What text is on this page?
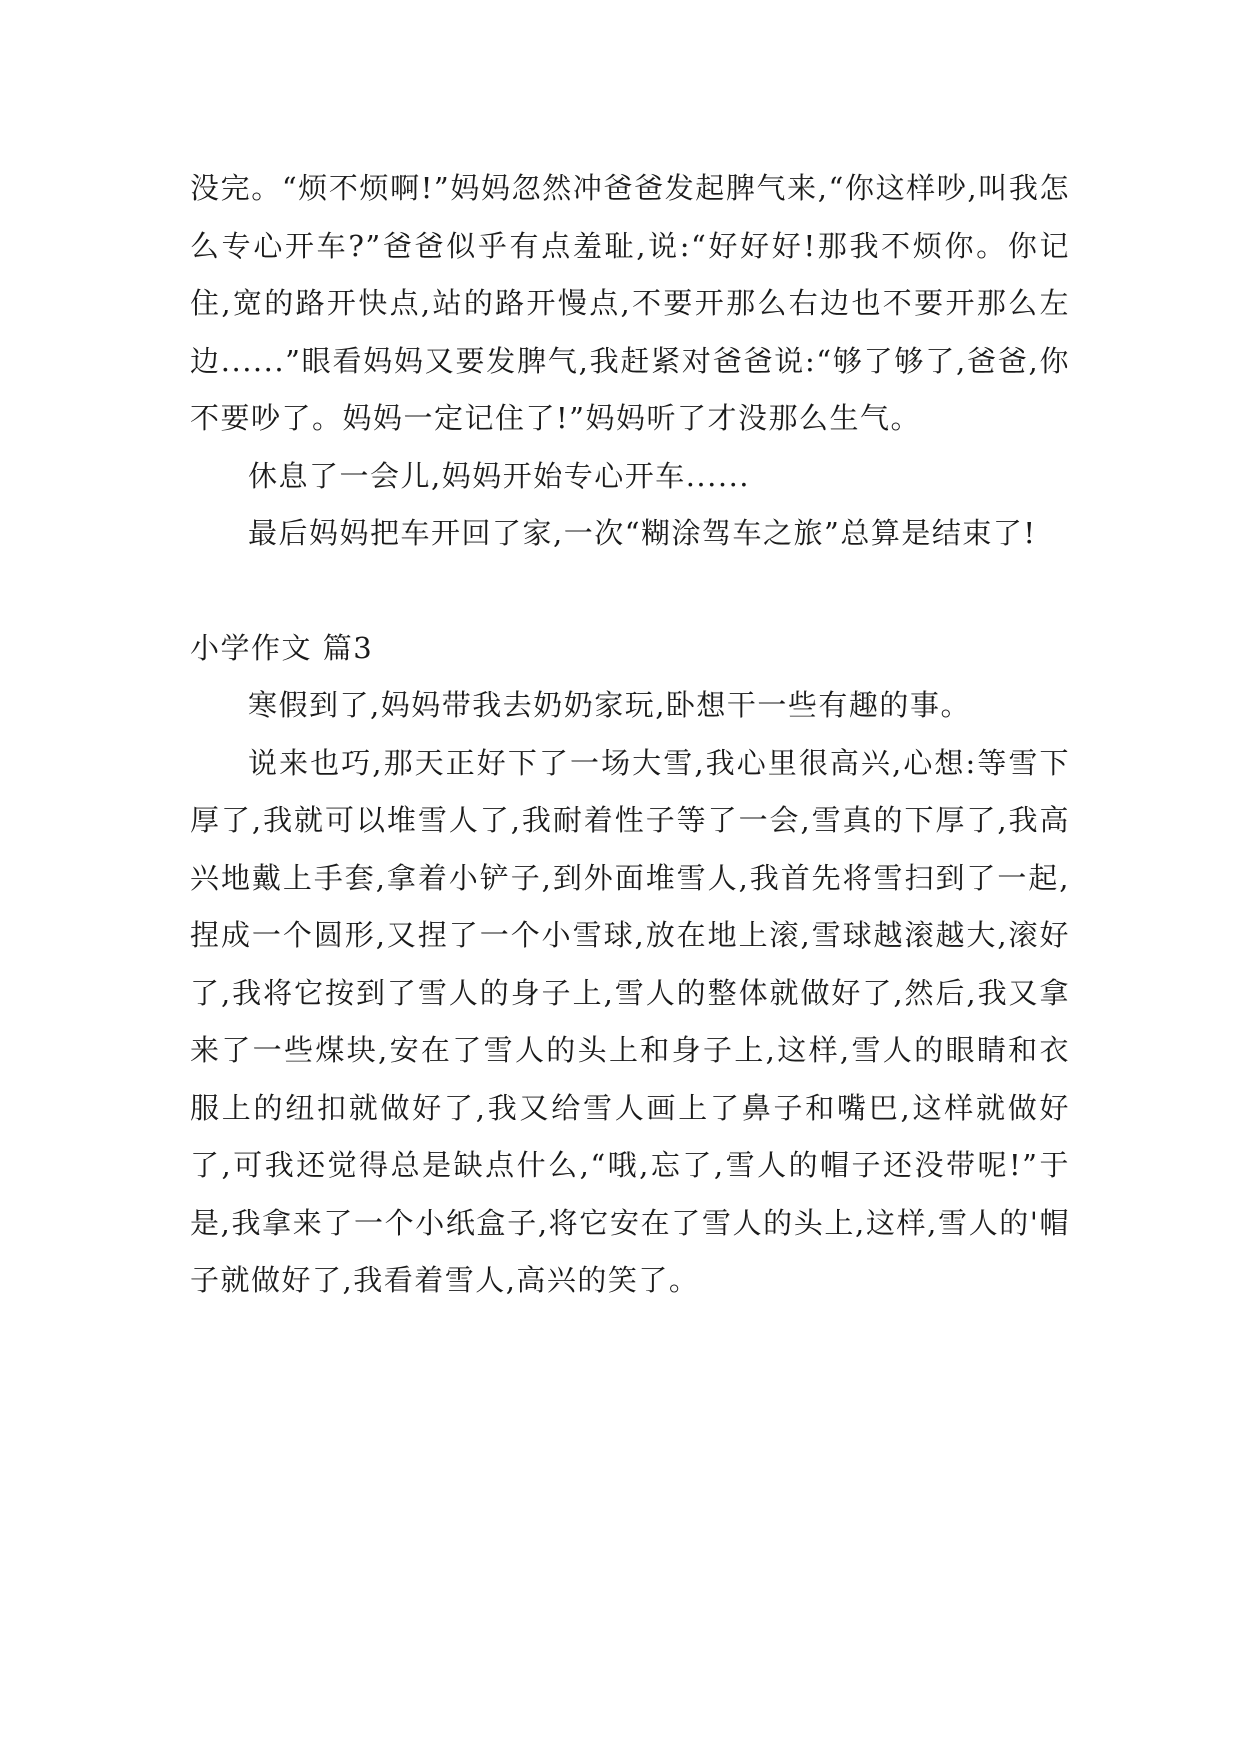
没完。“烦不烦啊!”妈妈忽然冲爸爸发起脾气来,“你这样吵,叫我怎么专心开车?”爸爸似乎有点羞耻,说:“好好好!那我不烦你。你记住,宽的路开快点,站的路开慢点,不要开那么右边也不要开那么左边......”眼看妈妈又要发脾气,我赶紧对爸爸说:“够了够了,爸爸,你不要吵了。妈妈一定记住了!”妈妈听了才没那么生气。

休息了一会儿,妈妈开始专心开车......

最后妈妈把车开回了家,一次“糊涂驾车之旅”总算是结束了!

小学作文 篇3

寒假到了,妈妈带我去奶奶家玩,卧想干一些有趣的事。

说来也巧,那天正好下了一场大雪,我心里很高兴,心想:等雪下厚了,我就可以堆雪人了,我耐着性子等了一会,雪真的下厚了,我高兴地戴上手套,拿着小铲子,到外面堆雪人,我首先将雪扫到了一起,捏成一个圆形,又捏了一个小雪球,放在地上滚,雪球越滚越大,滚好了,我将它按到了雪人的身子上,雪人的整体就做好了,然后,我又拿来了一些煤块,安在了雪人的头上和身子上,这样,雪人的眼睛和衣服上的纽扣就做好了,我又给雪人画上了鼻子和嘴巴,这样就做好了,可我还觉得总是缺点什么,“哦,忘了,雪人的帽子还没带呢!”于是,我拿来了一个小纸盒子,将它安在了雪人的头上,这样,雪人的'帽子就做好了,我看着雪人,高兴的笑了。
